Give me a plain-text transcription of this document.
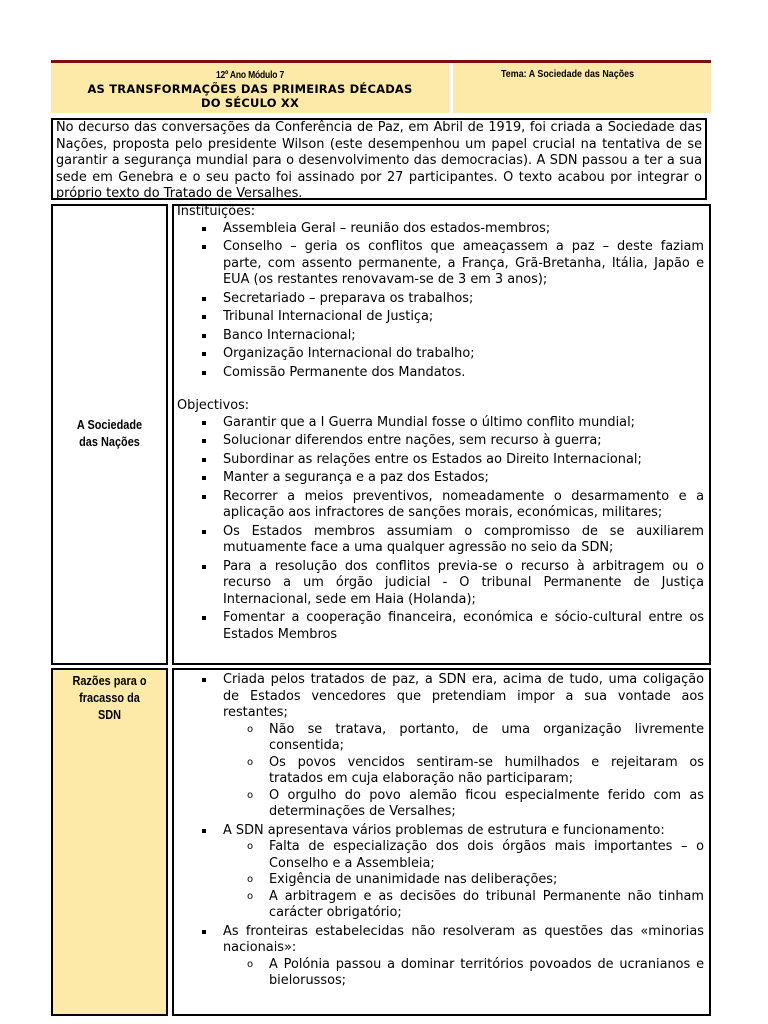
12º Ano Módulo 7
AS TRANSFORMAÇÕES DAS PRIMEIRAS DÉCADAS
DO SÉCULO XX
Tema: A Sociedade das Nações
No decurso das conversações da Conferência de Paz, em Abril de 1919, foi criada a Sociedade das Nações, proposta pelo presidente Wilson (este desempenhou um papel crucial na tentativa de se garantir a segurança mundial para o desenvolvimento das democracias). A SDN passou a ter a sua sede em Genebra e o seu pacto foi assinado por 27 participantes. O texto acabou por integrar o próprio texto do Tratado de Versalhes.
A Sociedade
das Nações
Instituições:
Assembleia Geral – reunião dos estados-membros;
Conselho – geria os conflitos que ameaçassem a paz – deste faziam parte, com assento permanente, a França, Grã-Bretanha, Itália, Japão e EUA (os restantes renovavam-se de 3 em 3 anos);
Secretariado – preparava os trabalhos;
Tribunal Internacional de Justiça;
Banco Internacional;
Organização Internacional do trabalho;
Comissão Permanente dos Mandatos.
Objectivos:
Garantir que a I Guerra Mundial fosse o último conflito mundial;
Solucionar diferendos entre nações, sem recurso à guerra;
Subordinar as relações entre os Estados ao Direito Internacional;
Manter a segurança e a paz dos Estados;
Recorrer a meios preventivos, nomeadamente o desarmamento e a aplicação aos infractores de sanções morais, económicas, militares;
Os Estados membros assumiam o compromisso de se auxiliarem mutuamente face a uma qualquer agressão no seio da SDN;
Para a resolução dos conflitos previa-se o recurso à arbitragem ou o recurso a um órgão judicial - O tribunal Permanente de Justiça Internacional, sede em Haia (Holanda);
Fomentar a cooperação financeira, económica e sócio-cultural entre os Estados Membros
Razões para o
fracasso da
SDN
Criada pelos tratados de paz, a SDN era, acima de tudo, uma coligação de Estados vencedores que pretendiam impor a sua vontade aos restantes;
o Não se tratava, portanto, de uma organização livremente consentida;
o Os povos vencidos sentiram-se humilhados e rejeitaram os tratados em cuja elaboração não participaram;
o O orgulho do povo alemão ficou especialmente ferido com as determinações de Versalhes;
A SDN apresentava vários problemas de estrutura e funcionamento:
o Falta de especialização dos dois órgãos mais importantes – o Conselho e a Assembleia;
o Exigência de unanimidade nas deliberações;
o A arbitragem e as decisões do tribunal Permanente não tinham carácter obrigatório;
As fronteiras estabelecidas não resolveram as questões das «minorias nacionais»:
o A Polónia passou a dominar territórios povoados de ucranianos e bielorussos;
